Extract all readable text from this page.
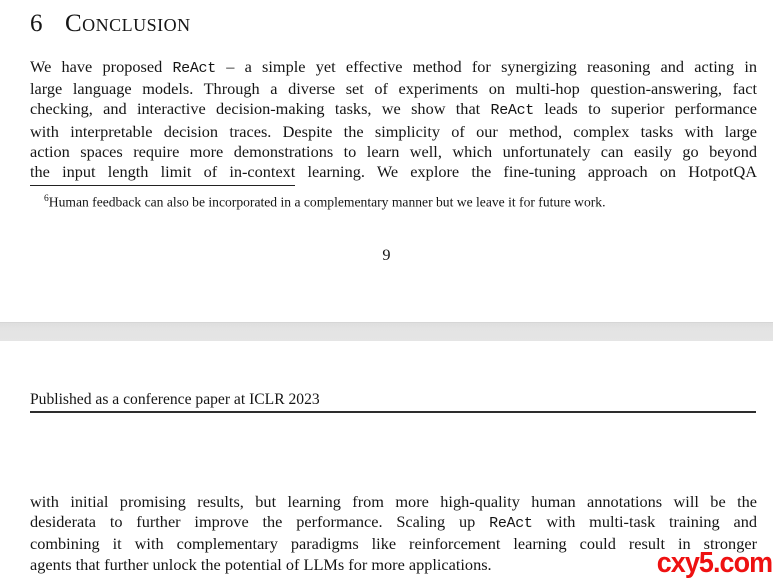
6 Conclusion
We have proposed ReAct – a simple yet effective method for synergizing reasoning and acting in
large language models. Through a diverse set of experiments on multi-hop question-answering, fact
checking, and interactive decision-making tasks, we show that ReAct leads to superior performance
with interpretable decision traces. Despite the simplicity of our method, complex tasks with large
action spaces require more demonstrations to learn well, which unfortunately can easily go beyond
the input length limit of in-context learning. We explore the fine-tuning approach on HotpotQA
$^6$Human feedback can also be incorporated in a complementary manner but we leave it for future work.
9
Published as a conference paper at ICLR 2023
with initial promising results, but learning from more high-quality human annotations will be the
desiderata to further improve the performance. Scaling up ReAct with multi-task training and
combining it with complementary paradigms like reinforcement learning could result in stronger
agents that further unlock the potential of LLMs for more applications.	cxy5.com
